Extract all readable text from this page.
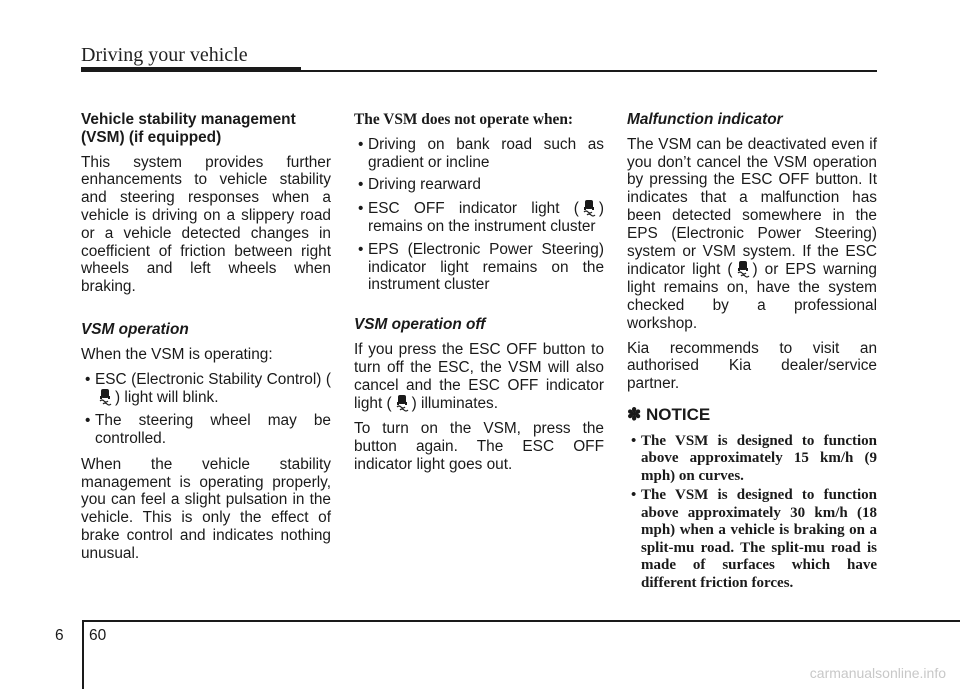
Driving your vehicle

Vehicle stability management (VSM) (if equipped)

This system provides further enhancements to vehicle stability and steering responses when a vehicle is driving on a slippery road or a vehicle detected changes in coefficient of friction between right wheels and left wheels when braking.

VSM operation

When the VSM is operating:

• ESC (Electronic Stability Control) (
) light will blink.
• The steering wheel may be controlled.

When the vehicle stability management is operating properly, you can feel a slight pulsation in the vehicle. This is only the effect of brake control and indicates nothing unusual.

The VSM does not operate when:

• Driving on bank road such as gradient or incline
• Driving rearward
• ESC OFF indicator light ( ) remains on the instrument cluster
• EPS (Electronic Power Steering) indicator light remains on the instrument cluster

VSM operation off

If you press the ESC OFF button to turn off the ESC, the VSM will also cancel and the ESC OFF indicator light ( ) illuminates.

To turn on the VSM, press the button again. The ESC OFF indicator light goes out.

Malfunction indicator

The VSM can be deactivated even if you don’t cancel the VSM operation by pressing the ESC OFF button. It indicates that a malfunction has been detected somewhere in the EPS (Electronic Power Steering) system or VSM system. If the ESC indicator light ( ) or EPS warning light remains on, have the system checked by a professional workshop.

Kia recommends to visit an authorised Kia dealer/service partner.

✽ NOTICE
• The VSM is designed to function above approximately 15 km/h (9 mph) on curves.
• The VSM is designed to function above approximately 30 km/h (18 mph) when a vehicle is braking on a split-mu road. The split-mu road is made of surfaces which have different friction forces.
6 60
carmanualsonline.info
